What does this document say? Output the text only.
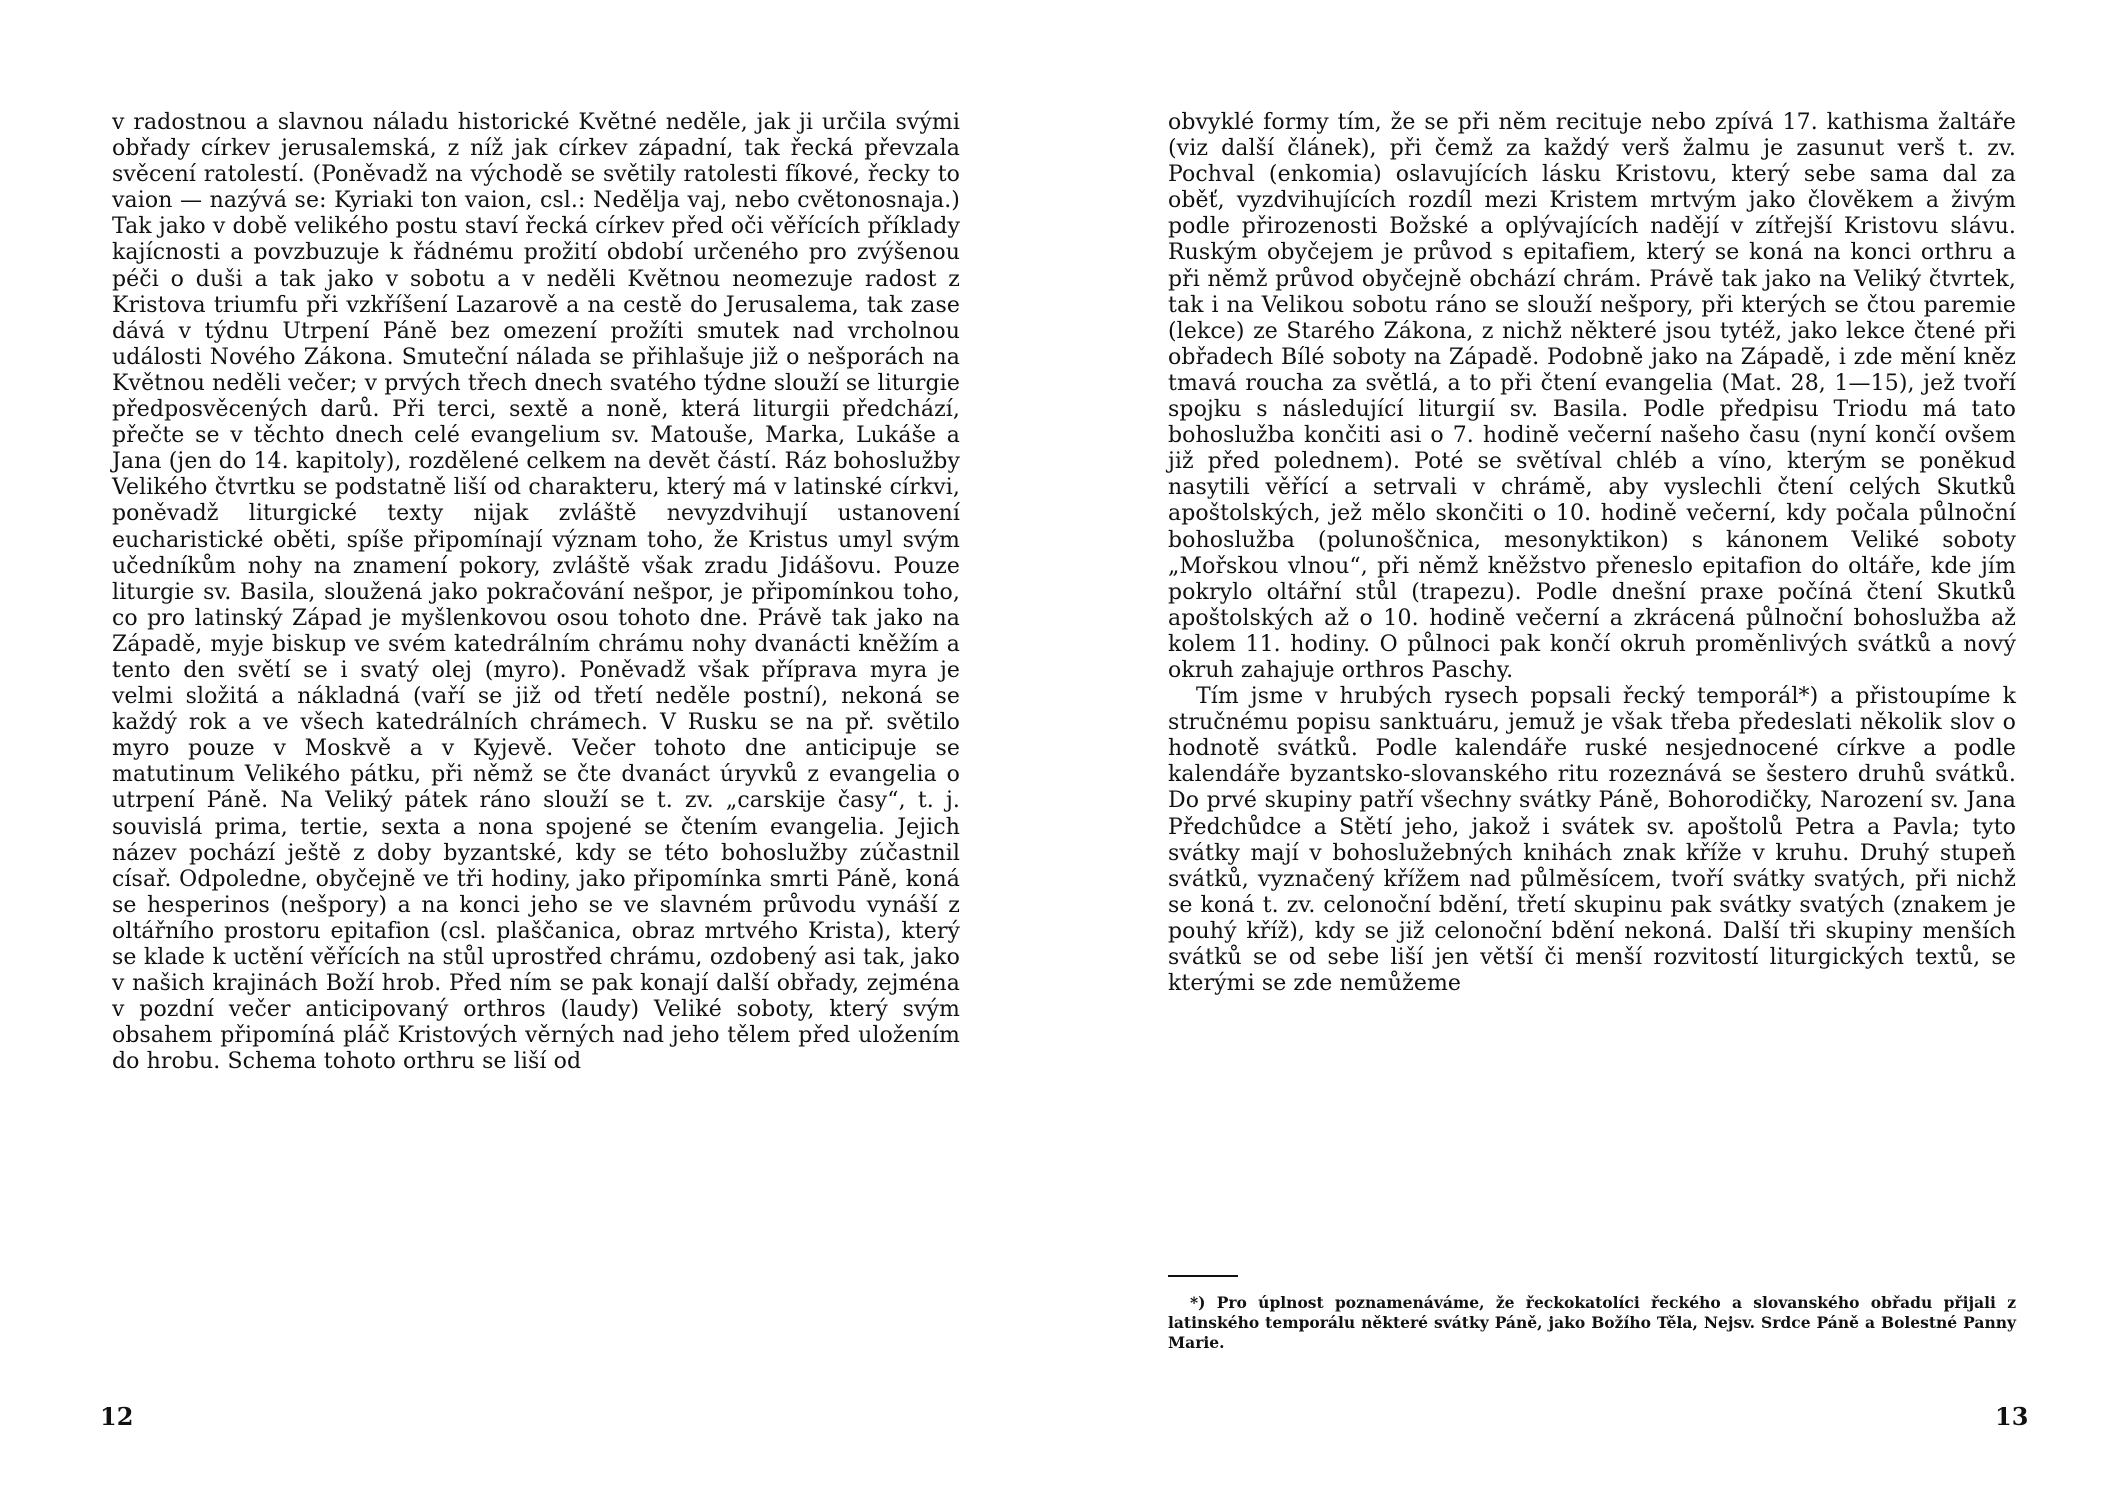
v radostnou a slavnou náladu historické Květné neděle, jak ji určila svými obřady církev jerusalemská, z níž jak církev západní, tak řecká převzala svěcení ratolestí. (Poněvadž na východě se světily ratolesti fíkové, řecky to vaion — nazývá se: Kyriaki ton vaion, csl.: Nedělja vaj, nebo cvětonosnaja.) Tak jako v době velikého postu staví řecká církev před oči věřících příklady kajícnosti a povzbuzuje k řádnému prožití období určeného pro zvýšenou péči o duši a tak jako v sobotu a v neděli Květnou neomezuje radost z Kristova triumfu při vzkříšení Lazarově a na cestě do Jerusalema, tak zase dává v týdnu Utrpení Páně bez omezení prožíti smutek nad vrcholnou události Nového Zákona. Smuteční nálada se přihlašuje již o nešporách na Květnou neděli večer; v prvých třech dnech svatého týdne slouží se liturgie předposvěcených darů. Při terci, sextě a noně, která liturgii předchází, přečte se v těchto dnech celé evangelium sv. Matouše, Marka, Lukáše a Jana (jen do 14. kapitoly), rozdělené celkem na devět částí. Ráz bohoslužby Velikého čtvrtku se podstatně liší od charakteru, který má v latinské církvi, poněvadž liturgické texty nijak zvláště nevyzdvihují ustanovení eucharistické oběti, spíše připomínají význam toho, že Kristus umyl svým učedníkům nohy na znamení pokory, zvláště však zradu Jidášovu. Pouze liturgie sv. Basila, sloužená jako pokračování nešpor, je připomínkou toho, co pro latinský Západ je myšlenkovou osou tohoto dne. Právě tak jako na Západě, myje biskup ve svém katedrálním chrámu nohy dvanácti kněžím a tento den světí se i svatý olej (myro). Poněvadž však příprava myra je velmi složitá a nákladná (vaří se již od třetí neděle postní), nekoná se každý rok a ve všech katedrálních chrámech. V Rusku se na př. světilo myro pouze v Moskvě a v Kyjevě. Večer tohoto dne anticipuje se matutinum Velikého pátku, při němž se čte dvanáct úryvků z evangelia o utrpení Páně. Na Veliký pátek ráno slouží se t. zv. „carskije časy“, t. j. souvislá prima, tertie, sexta a nona spojené se čtením evangelia. Jejich název pochází ještě z doby byzantské, kdy se této bohoslužby zúčastnil císař. Odpoledne, obyčejně ve tři hodiny, jako připomínka smrti Páně, koná se hesperinos (nešpory) a na konci jeho se ve slavném průvodu vynáší z oltářního prostoru epitafion (csl. plaščanica, obraz mrtvého Krista), který se klade k uctění věřících na stůl uprostřed chrámu, ozdobený asi tak, jako v našich krajinách Boží hrob. Před ním se pak konají další obřady, zejména v pozdní večer anticipovaný orthros (laudy) Veliké soboty, který svým obsahem připomíná pláč Kristových věrných nad jeho tělem před uložením do hrobu. Schema tohoto orthru se liší od

12

obvyklé formy tím, že se při něm recituje nebo zpívá 17. kathisma žaltáře (viz další článek), při čemž za každý verš žalmu je zasunut verš t. zv. Pochval (enkomia) oslavujících lásku Kristovu, který sebe sama dal za oběť, vyzdvihujících rozdíl mezi Kristem mrtvým jako člověkem a živým podle přirozenosti Božské a oplývajících nadějí v zítřejší Kristovu slávu. Ruským obyčejem je průvod s epitafiem, který se koná na konci orthru a při němž průvod obyčejně obchází chrám. Právě tak jako na Veliký čtvrtek, tak i na Velikou sobotu ráno se slouží nešpory, při kterých se čtou paremie (lekce) ze Starého Zákona, z nichž některé jsou tytéž, jako lekce čtené při obřadech Bílé soboty na Západě. Podobně jako na Západě, i zde mění kněz tmavá roucha za světlá, a to při čtení evangelia (Mat. 28, 1—15), jež tvoří spojku s následující liturgií sv. Basila. Podle předpisu Triodu má tato bohoslužba končiti asi o 7. hodině večerní našeho času (nyní končí ovšem již před polednem). Poté se světíval chléb a víno, kterým se poněkud nasytili věřící a setrvali v chrámě, aby vyslechli čtení celých Skutků apoštolských, jež mělo skončiti o 10. hodině večerní, kdy počala půlnoční bohoslužba (polunoščnica, mesonyktikon) s kánonem Veliké soboty „Mořskou vlnou“, při němž kněžstvo přeneslo epitafion do oltáře, kde jím pokrylo oltářní stůl (trapezu). Podle dnešní praxe počíná čtení Skutků apoštolských až o 10. hodině večerní a zkrácená půlnoční bohoslužba až kolem 11. hodiny. O půlnoci pak končí okruh proměnlivých svátků a nový okruh zahajuje orthros Paschy.

Tím jsme v hrubých rysech popsali řecký temporál*) a přistoupíme k stručnému popisu sanktuáru, jemuž je však třeba předeslati několik slov o hodnotě svátků. Podle kalendáře ruské nesjednocené církve a podle kalendáře byzantsko-slovanského ritu rozeznává se šestero druhů svátků. Do prvé skupiny patří všechny svátky Páně, Bohorodičky, Narození sv. Jana Předchůdce a Stětí jeho, jakož i svátek sv. apoštolů Petra a Pavla; tyto svátky mají v bohoslužebných knihách znak kříže v kruhu. Druhý stupeň svátků, vyznačený křížem nad půlměsícem, tvoří svátky svatých, při nichž se koná t. zv. celonoční bdění, třetí skupinu pak svátky svatých (znakem je pouhý kříž), kdy se již celonoční bdění nekoná. Další tři skupiny menších svátků se od sebe liší jen větší či menší rozvitostí liturgických textů, se kterými se zde nemůžeme

*) Pro úplnost poznamenáváme, že řeckokatolíci řeckého a slovanského obřadu přijali z latinského temporálu některé svátky Páně, jako Božího Těla, Nejsv. Srdce Páně a Bolestné Panny Marie.

13
